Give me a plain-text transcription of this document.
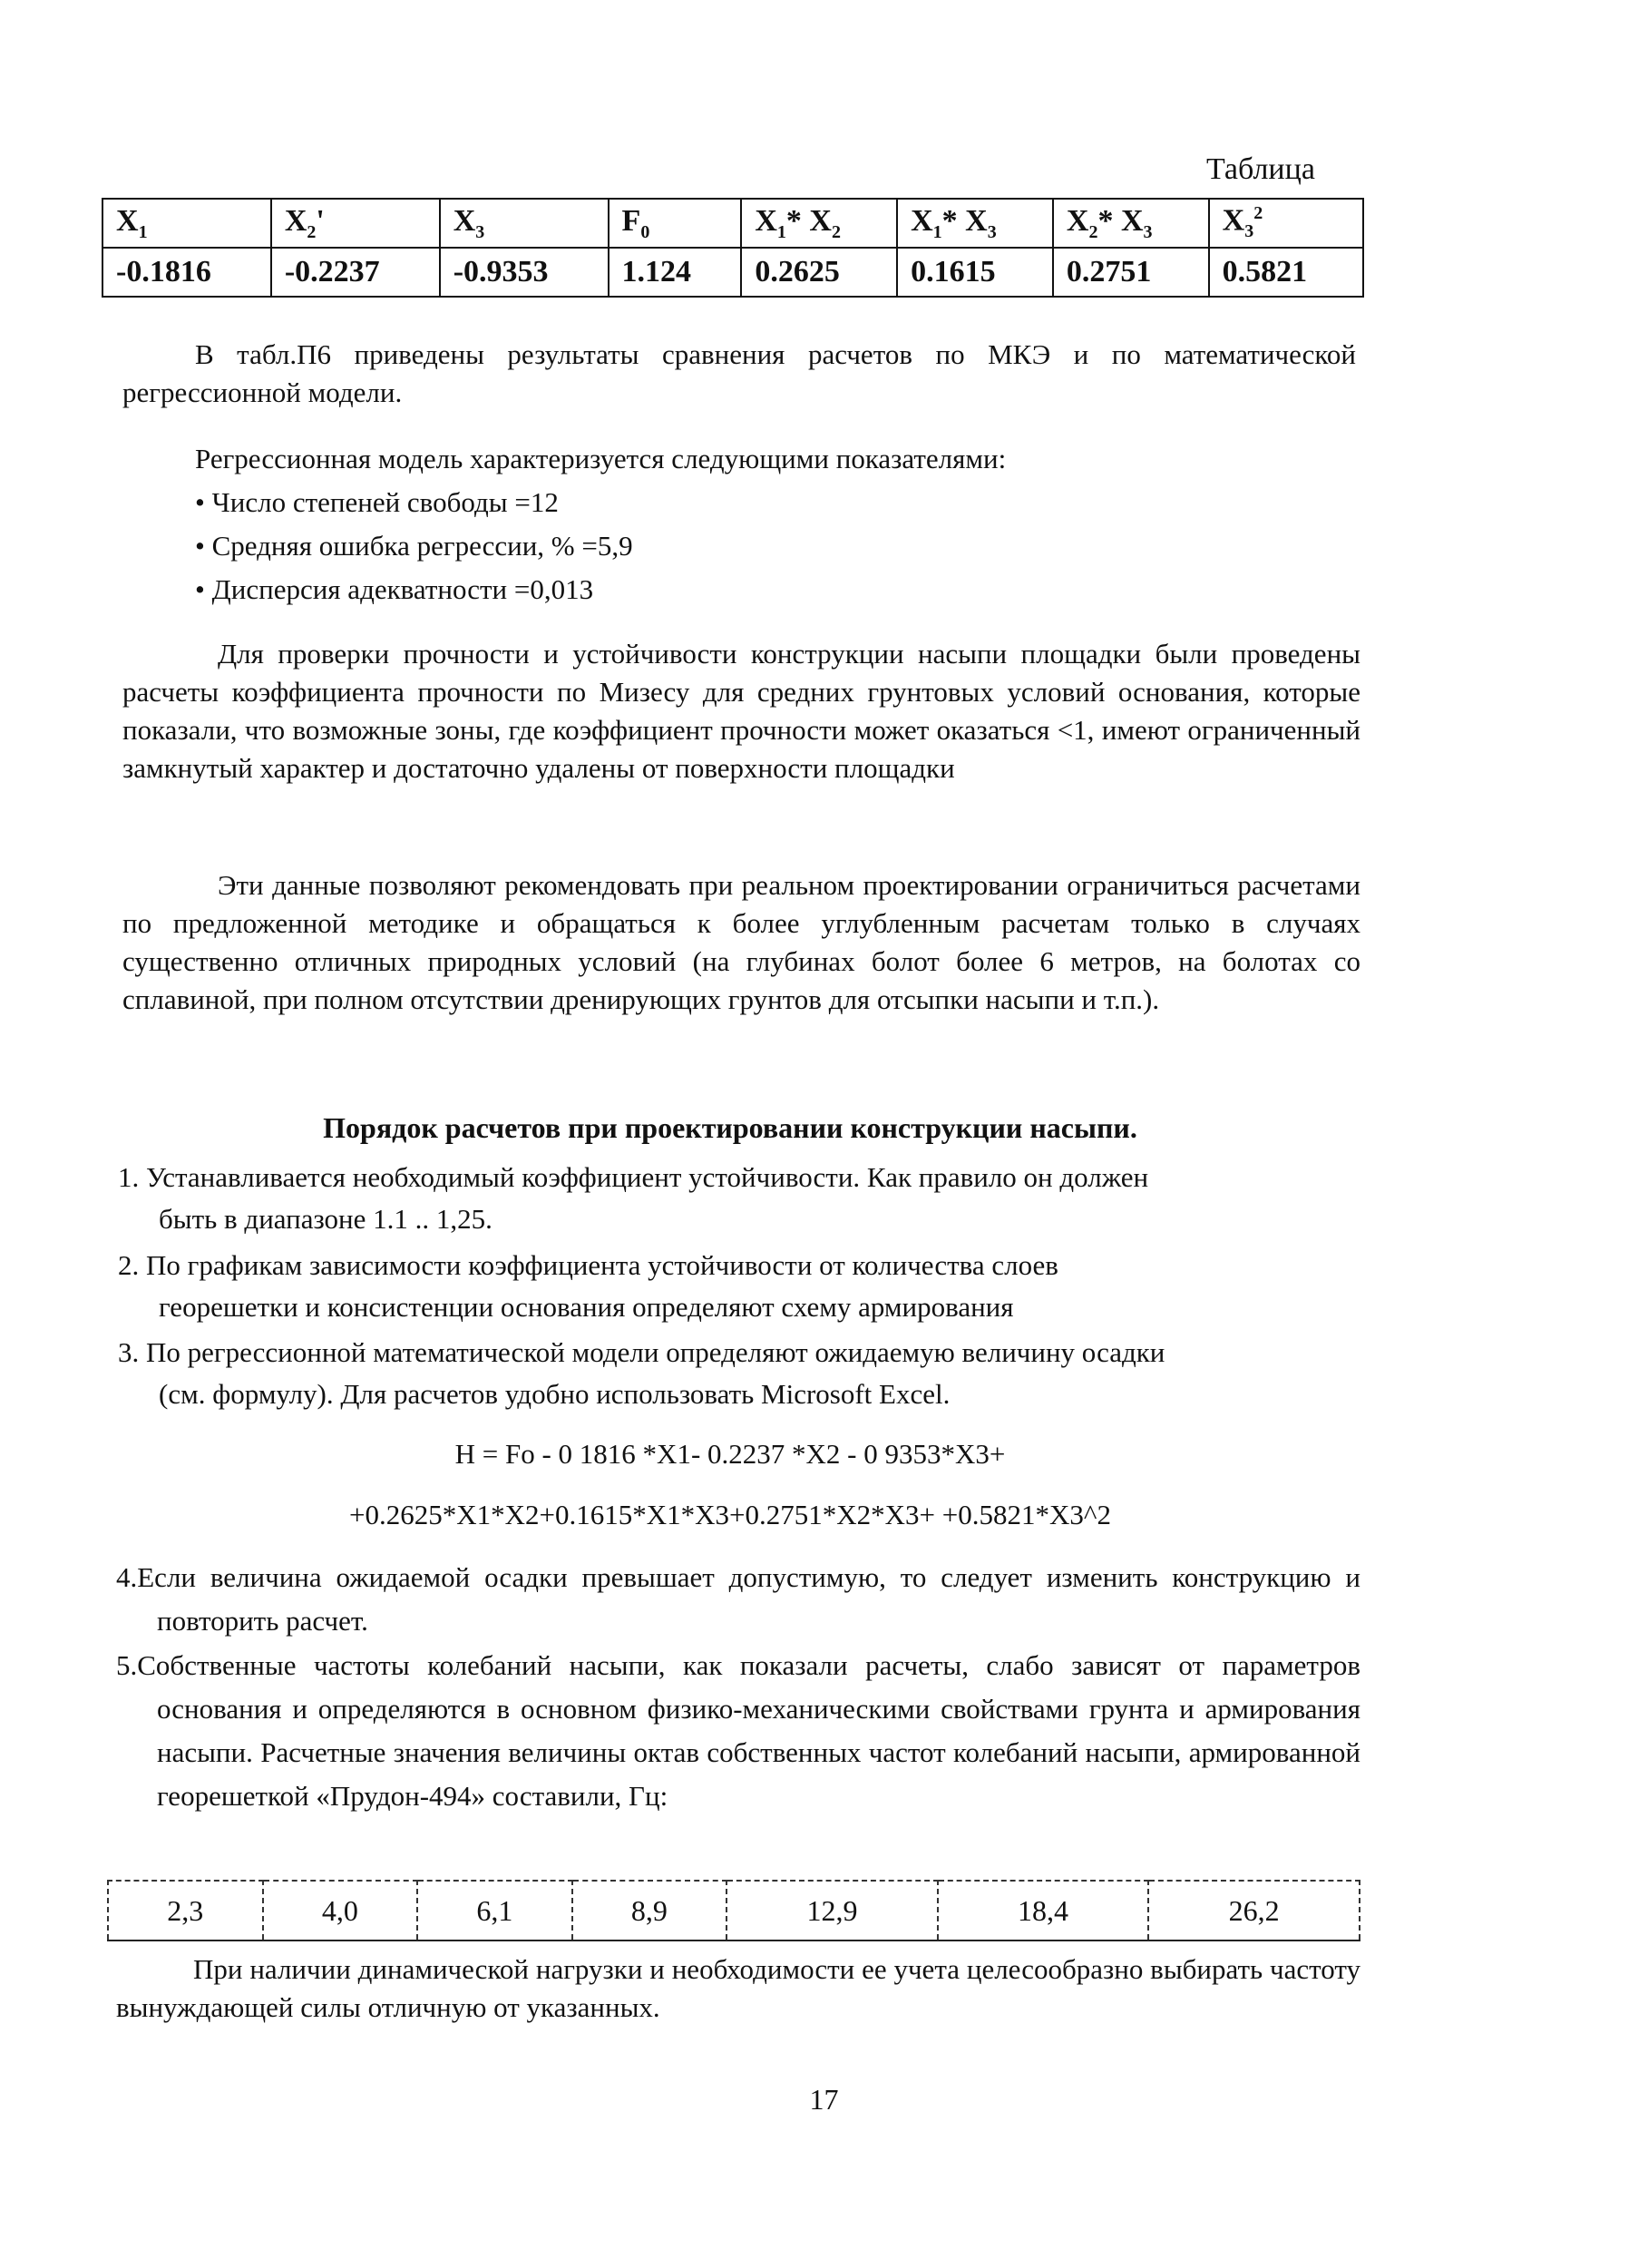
Таблица
$X_1$	$X_2'$	$X_3$	$F_0$	$X_1*$ $X_2$	$X_1*$ $X_3$	$X_2*$ $X_3$	$X_3^2$
-0.1816	-0.2237	-0.9353	1.124	0.2625	0.1615	0.2751	0.5821

В табл.П6 приведены результаты сравнения расчетов по МКЭ и по математической регрессионной модели.

Регрессионная модель характеризуется следующими показателями:

• Число степеней свободы =12

• Средняя ошибка регрессии, % =5,9

• Дисперсия адекватности =0,013

Для проверки прочности и устойчивости конструкции насыпи площадки были проведены расчеты коэффициента прочности по Мизесу для средних грунтовых условий основания, которые показали, что возможные зоны, где коэффициент прочности может оказаться <1, имеют ограниченный замкнутый характер и достаточно удалены от поверхности площадки

Эти данные позволяют рекомендовать при реальном проектировании ограничиться расчетами по предложенной методике и обращаться к более углубленным расчетам только в случаях существенно отличных природных условий (на глубинах болот более 6 метров, на болотах со сплавиной, при полном отсутствии дренирующих грунтов для отсыпки насыпи и т.п.).

Порядок расчетов при проектировании конструкции насыпи.
1. Устанавливается необходимый коэффициент устойчивости. Как правило он должен
быть в диапазоне 1.1 .. 1,25.
2. По графикам зависимости коэффициента устойчивости от количества слоев
георешетки и консистенции основания определяют схему армирования
3. По регрессионной математической модели определяют ожидаемую величину осадки
(см. формулу). Для расчетов удобно использовать Microsoft Excel.
H = Fo - 0 1816 *X1- 0.2237 *X2 - 0 9353*X3+
+0.2625*X1*X2+0.1615*X1*X3+0.2751*X2*X3+ +0.5821*X3^2

4.Если величина ожидаемой осадки превышает допустимую, то следует изменить конструкцию и повторить расчет.

5.Собственные частоты колебаний насыпи, как показали расчеты, слабо зависят от параметров основания и определяются в основном физико-механическими свойствами грунта и армирования насыпи. Расчетные значения величины октав собственных частот колебаний насыпи, армированной георешеткой «Прудон-494» составили, Гц:

2,3	4,0	6,1	8,9	12,9	18,4	26,2

При наличии динамической нагрузки и необходимости ее учета целесообразно выбирать частоту вынуждающей силы отличную от указанных.

17
